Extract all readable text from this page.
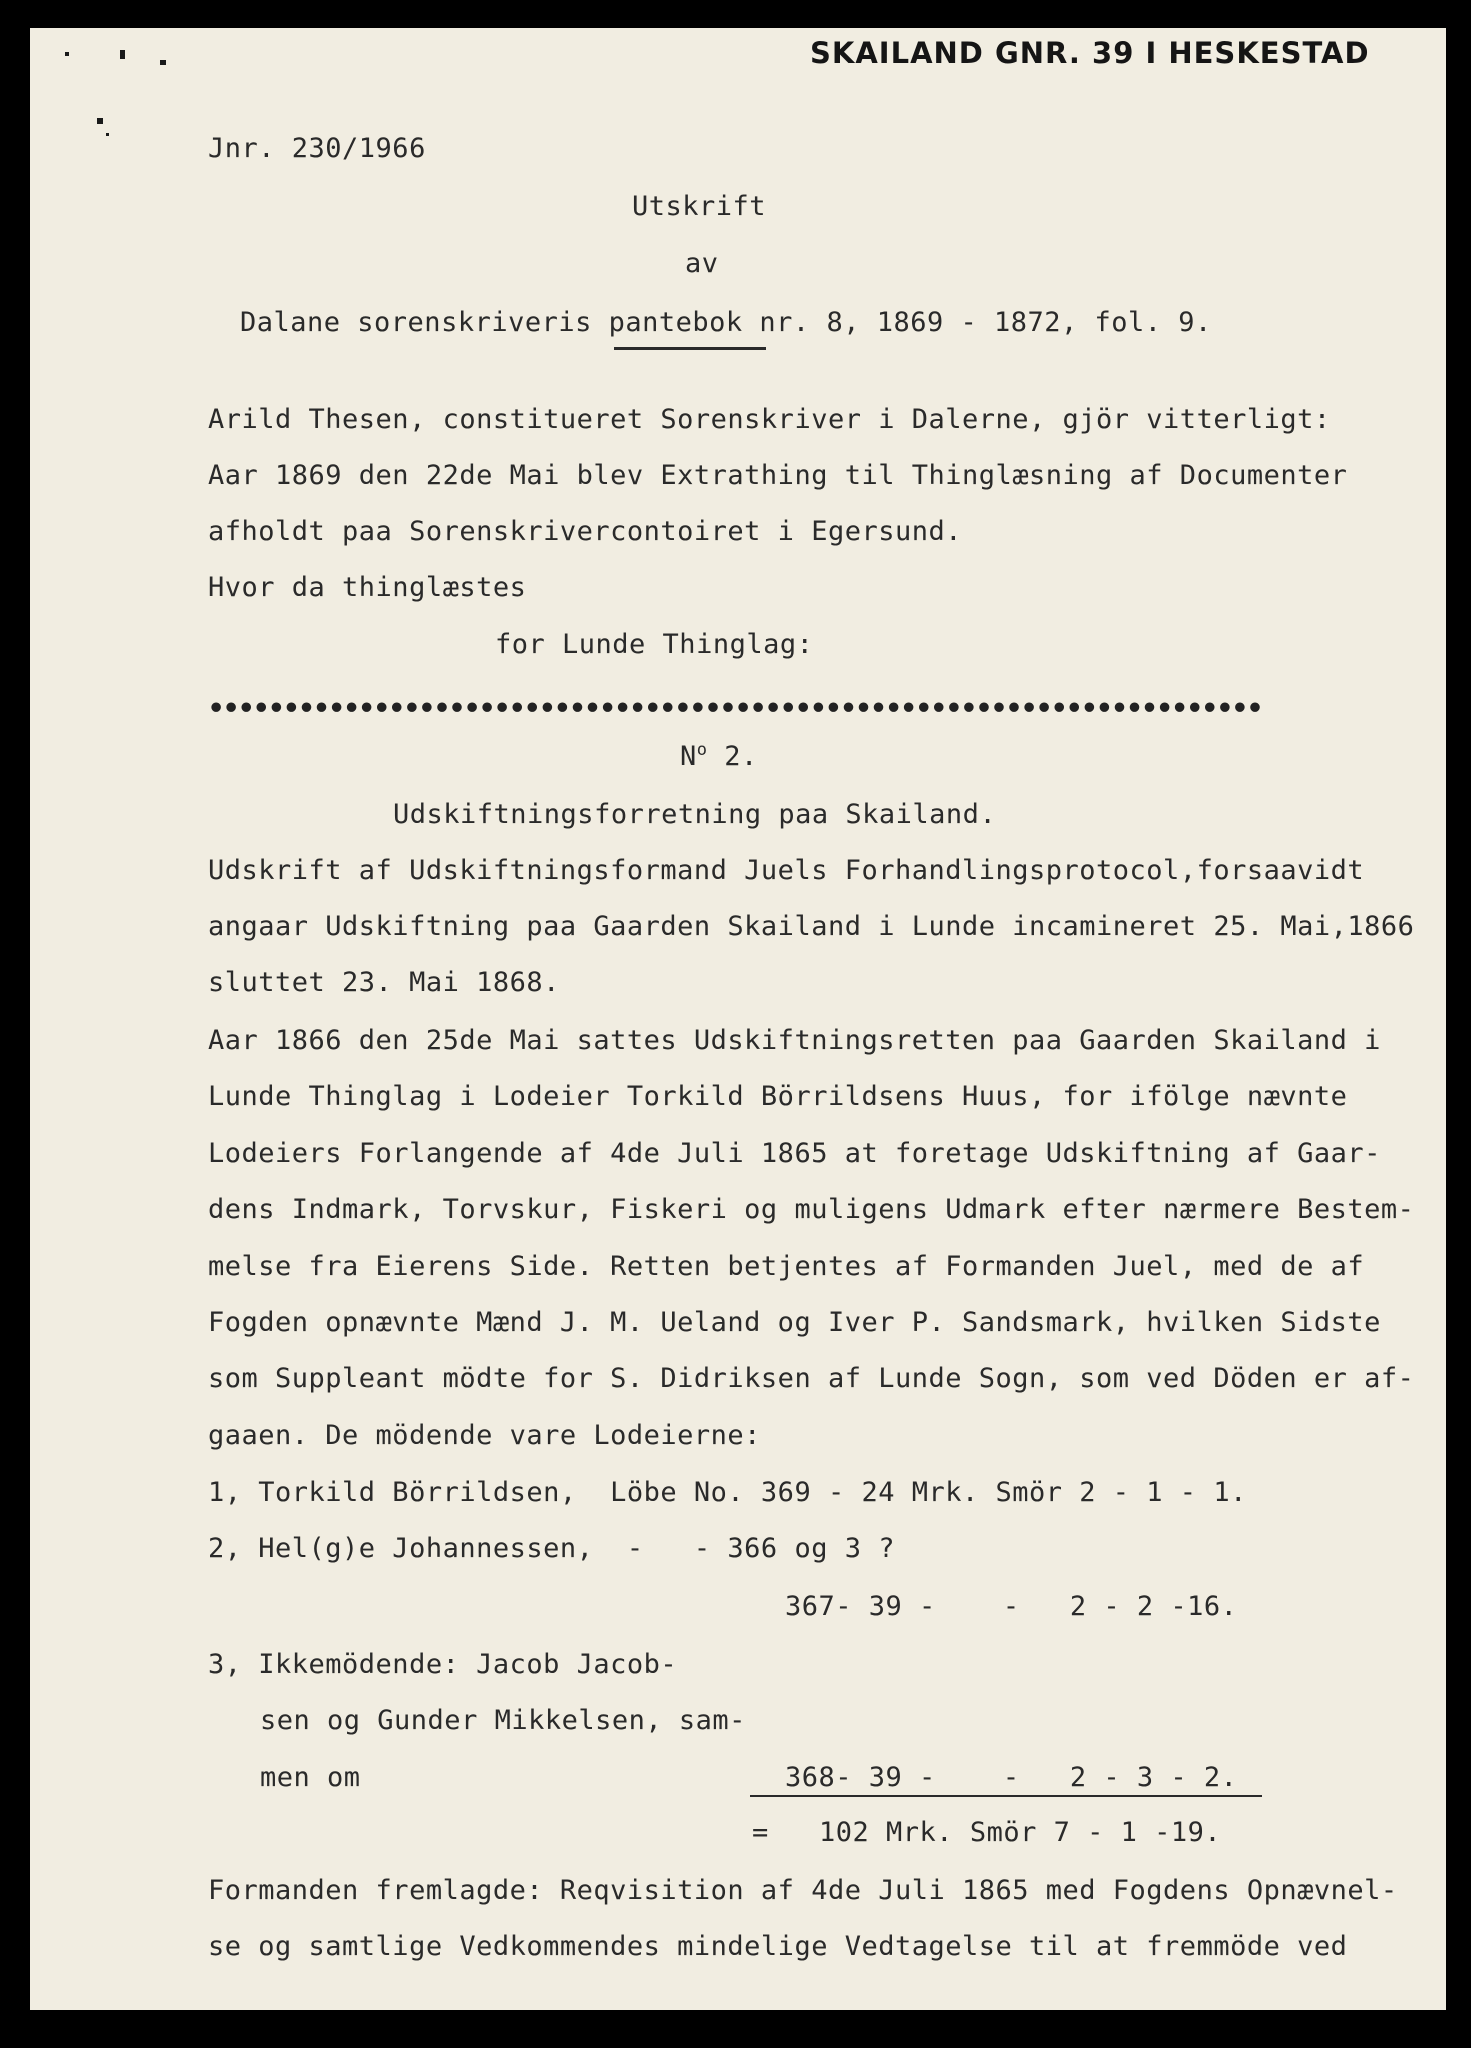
SKAILAND GNR. 39 I HESKESTAD
Jnr. 230/1966
Utskrift
av
Dalane sorenskriveris pantebok nr. 8, 1869 - 1872, fol. 9.
Arild Thesen, constitueret Sorenskriver i Dalerne, gjör vitterligt:
Aar 1869 den 22de Mai blev Extrathing til Thinglæsning af Documenter
afholdt paa Sorenskrivercontoiret i Egersund.
Hvor da thinglæstes
for Lunde Thinglag:
••••••••••••••••••••••••••••••••••••••••••••••••••••••••••••••••••••••
$N^o$ 2.
Udskiftningsforretning paa Skailand.
Udskrift af Udskiftningsformand Juels Forhandlingsprotocol,forsaavidt
angaar Udskiftning paa Gaarden Skailand i Lunde incamineret 25. Mai,1866
sluttet 23. Mai 1868.
Aar 1866 den 25de Mai sattes Udskiftningsretten paa Gaarden Skailand i
Lunde Thinglag i Lodeier Torkild Börrildsens Huus, for ifölge nævnte
Lodeiers Forlangende af 4de Juli 1865 at foretage Udskiftning af Gaar-
dens Indmark, Torvskur, Fiskeri og muligens Udmark efter nærmere Bestem-
melse fra Eierens Side. Retten betjentes af Formanden Juel, med de af
Fogden opnævnte Mænd J. M. Ueland og Iver P. Sandsmark, hvilken Sidste
som Suppleant mödte for S. Didriksen af Lunde Sogn, som ved Döden er af-
gaaen. De mödende vare Lodeierne:
1, Torkild Börrildsen,  Löbe No. 369 - 24 Mrk. Smör 2 - 1 - 1.
2, Hel(g)e Johannessen,  -   - 366 og 3 ?
367- 39 -    -   2 - 2 -16.
3, Ikkemödende: Jacob Jacob-
sen og Gunder Mikkelsen, sam-
men om	368- 39 -    -   2 - 3 - 2.
=   102 Mrk. Smör 7 - 1 -19.
Formanden fremlagde: Reqvisition af 4de Juli 1865 med Fogdens Opnævnel-
se og samtlige Vedkommendes mindelige Vedtagelse til at fremmöde ved
